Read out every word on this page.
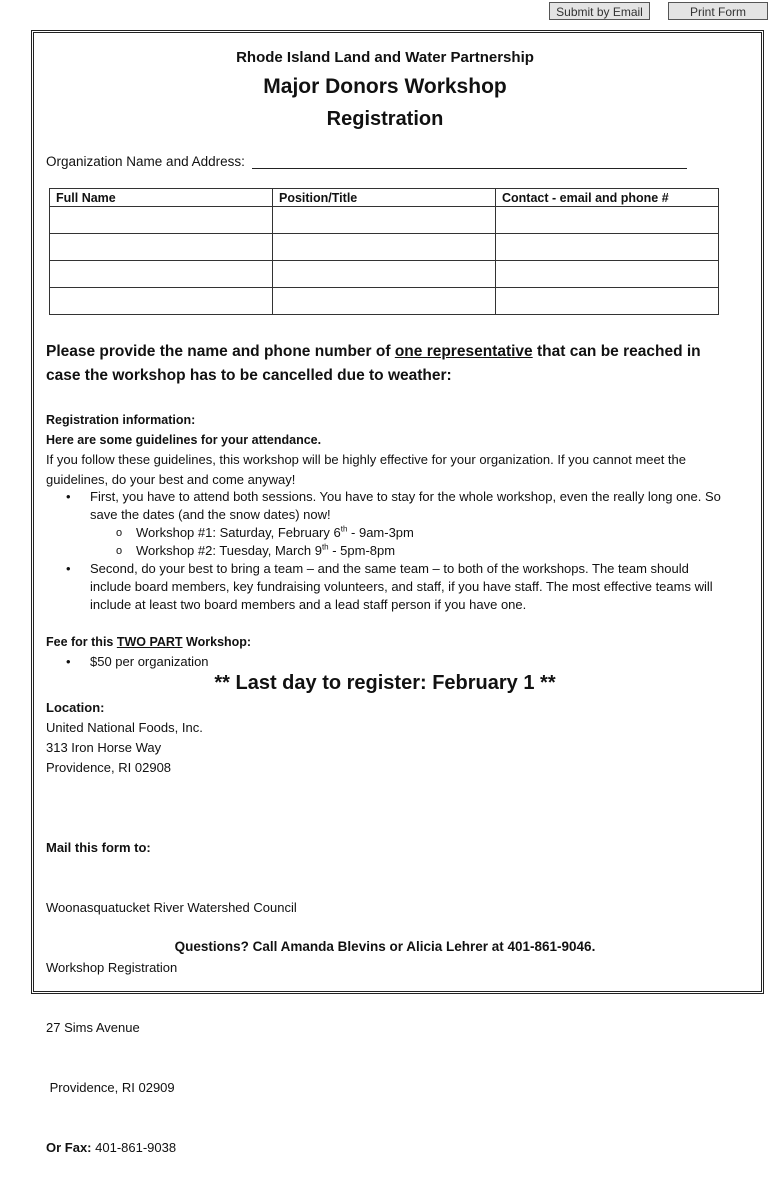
Submit by Email	Print Form
Rhode Island Land and Water Partnership
Major Donors Workshop
Registration
Organization Name and Address:
Full Name	Position/Title	Contact - email and phone #

Please provide the name and phone number of one representative that can be reached in
case the workshop has to be cancelled due to weather:
Registration information:
Here are some guidelines for your attendance.
If you follow these guidelines, this workshop will be highly effective for your organization. If you cannot meet the
guidelines, do your best and come anyway!
• First, you have to attend both sessions. You have to stay for the whole workshop, even the really long one. So save the dates (and the snow dates) now!
o Workshop #1: Saturday, February 6th - 9am-3pm
o Workshop #2: Tuesday, March 9th - 5pm-8pm
• Second, do your best to bring a team – and the same team – to both of the workshops. The team should include board members, key fundraising volunteers, and staff, if you have staff. The most effective teams will include at least two board members and a lead staff person if you have one.
Fee for this TWO PART Workshop:
• $50 per organization
** Last day to register: February 1 **
Location:
United National Foods, Inc.
313 Iron Horse Way
Providence, RI 02908

Mail this form to:

Woonasquatucket River Watershed Council

Workshop Registration

27 Sims Avenue

Providence, RI 02909

Or Fax: 401-861-9038

Questions? Call Amanda Blevins or Alicia Lehrer at 401-861-9046.
